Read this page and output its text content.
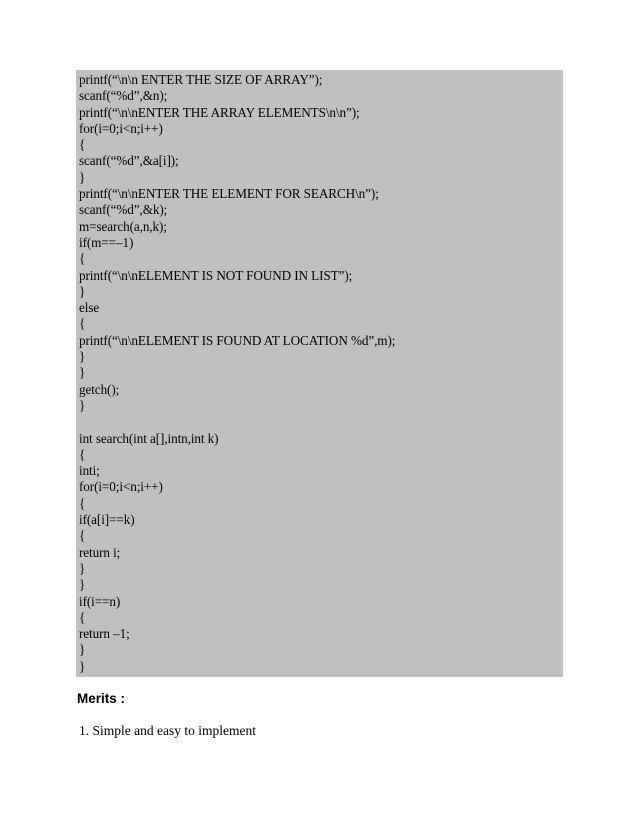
printf(“\n\n ENTER THE SIZE OF ARRAY”);
scanf(“%d”,&n);
printf(“\n\nENTER THE ARRAY ELEMENTS\n\n”);
for(i=0;i<n;i++)
{
scanf(“%d”,&a[i]);
}
printf(“\n\nENTER THE ELEMENT FOR SEARCH\n”);
scanf(“%d”,&k);
m=search(a,n,k);
if(m==–1)
{
printf(“\n\nELEMENT IS NOT FOUND IN LIST”);
}
else
{
printf(“\n\nELEMENT IS FOUND AT LOCATION %d”,m);
}
}
getch();
}
int search(int a[],intn,int k)
{
inti;
for(i=0;i<n;i++)
{
if(a[i]==k)
{
return i;
}
}
if(i==n)
{
return –1;
}
}
Merits :
1. Simple and easy to implement
